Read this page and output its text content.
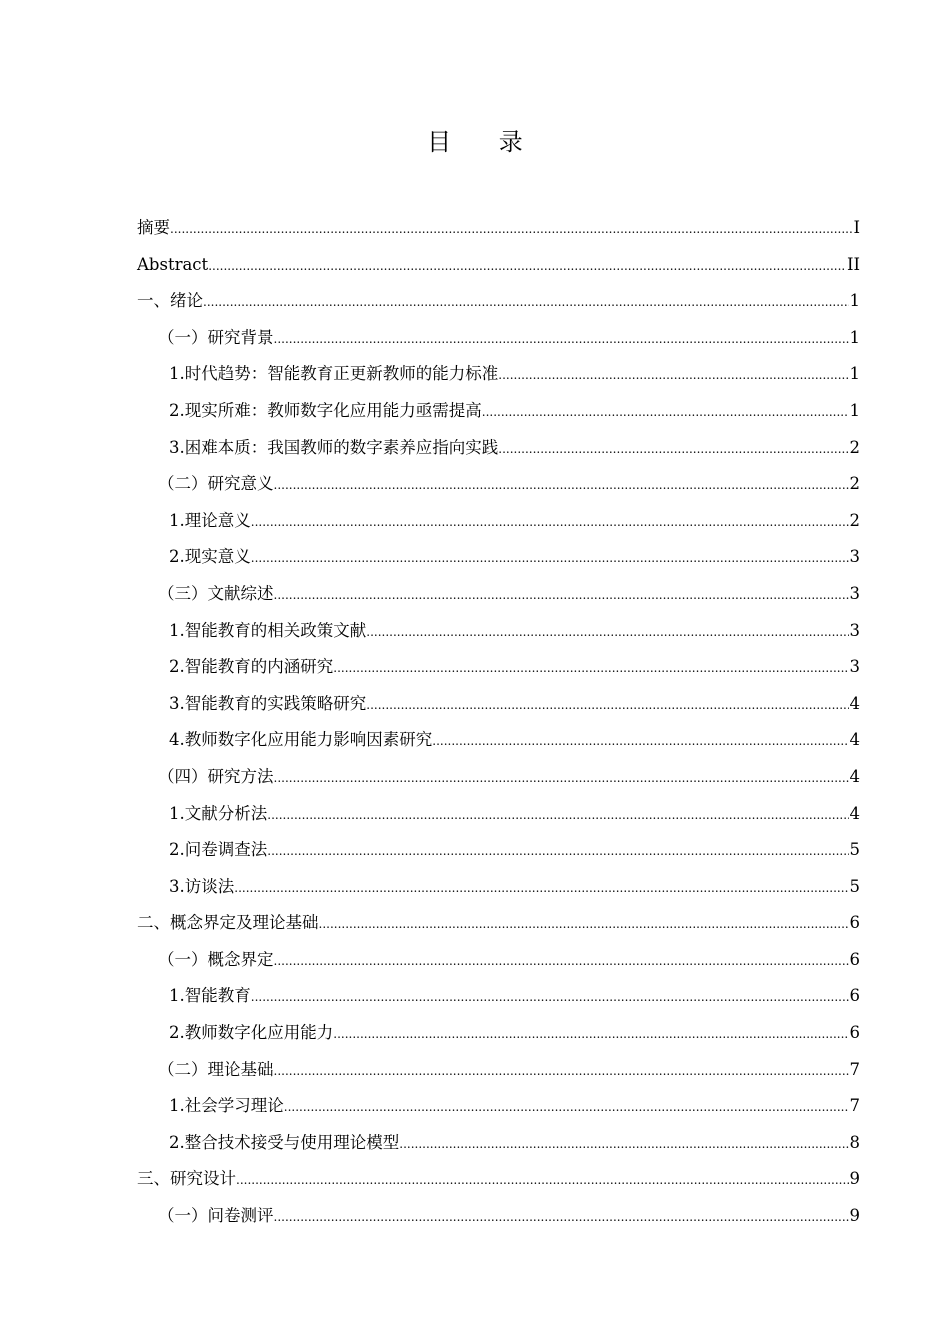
目 录
摘要 .....	I
Abstract .....	II
一、绪论 .....	1
（一）研究背景 .....	1
1.时代趋势：智能教育正更新教师的能力标准 .....	1
2.现实所难：教师数字化应用能力亟需提高 .....	1
3.困难本质：我国教师的数字素养应指向实践 .....	2
（二）研究意义 .....	2
1.理论意义 .....	2
2.现实意义 .....	3
（三）文献综述 .....	3
1.智能教育的相关政策文献 .....	3
2.智能教育的内涵研究 .....	3
3.智能教育的实践策略研究 .....	4
4.教师数字化应用能力影响因素研究 .....	4
（四）研究方法 .....	4
1.文献分析法 .....	4
2.问卷调查法 .....	5
3.访谈法 .....	5
二、概念界定及理论基础 .....	6
（一）概念界定 .....	6
1.智能教育 .....	6
2.教师数字化应用能力 .....	6
（二）理论基础 .....	7
1.社会学习理论 .....	7
2.整合技术接受与使用理论模型 .....	8
三、研究设计 .....	9
（一）问卷测评 .....	9
